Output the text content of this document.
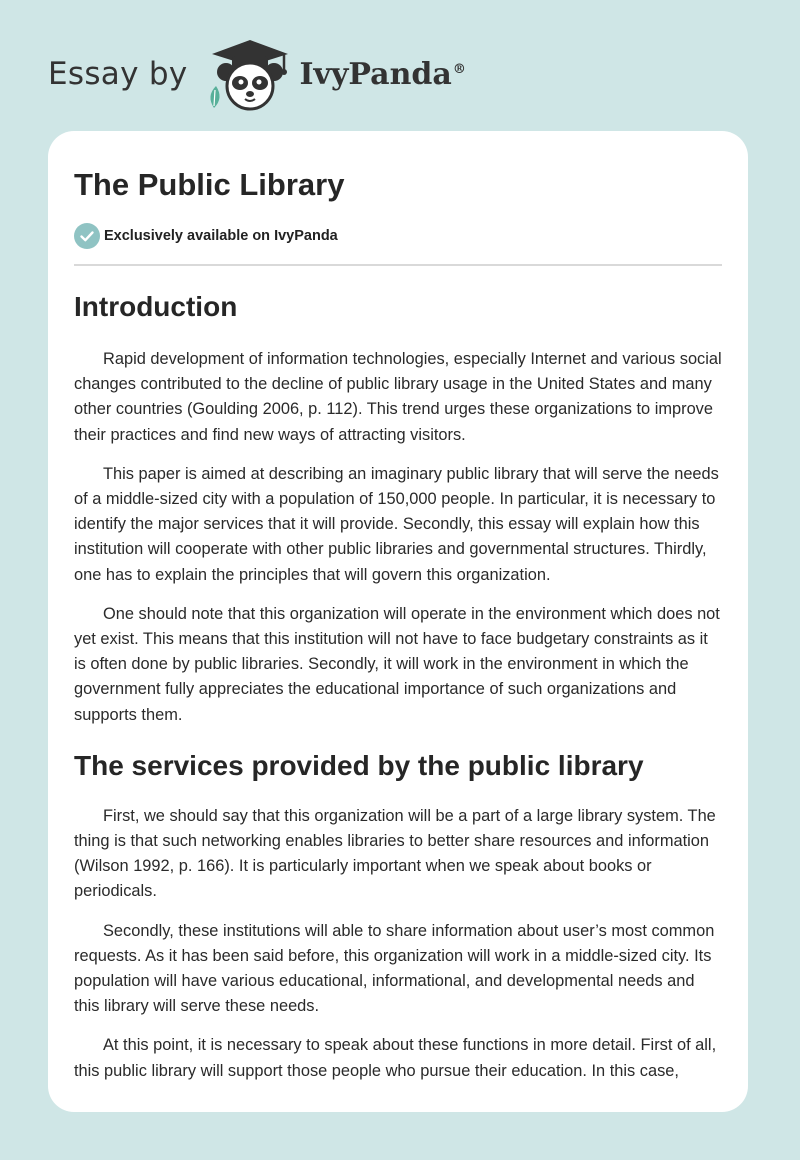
Essay by	IvyPanda®
The Public Library
Exclusively available on IvyPanda
Introduction

Rapid development of information technologies, especially Internet and various social changes contributed to the decline of public library usage in the United States and many other countries (Goulding 2006, p. 112). This trend urges these organizations to improve their practices and find new ways of attracting visitors.

This paper is aimed at describing an imaginary public library that will serve the needs of a middle-sized city with a population of 150,000 people. In particular, it is necessary to identify the major services that it will provide. Secondly, this essay will explain how this institution will cooperate with other public libraries and governmental structures. Thirdly, one has to explain the principles that will govern this organization.

One should note that this organization will operate in the environment which does not yet exist. This means that this institution will not have to face budgetary constraints as it is often done by public libraries. Secondly, it will work in the environment in which the government fully appreciates the educational importance of such organizations and supports them.

The services provided by the public library

First, we should say that this organization will be a part of a large library system. The thing is that such networking enables libraries to better share resources and information (Wilson 1992, p. 166). It is particularly important when we speak about books or periodicals.

Secondly, these institutions will able to share information about user’s most common requests. As it has been said before, this organization will work in a middle-sized city. Its population will have various educational, informational, and developmental needs and this library will serve these needs.

At this point, it is necessary to speak about these functions in more detail. First of all, this public library will support those people who pursue their education. In this case,
